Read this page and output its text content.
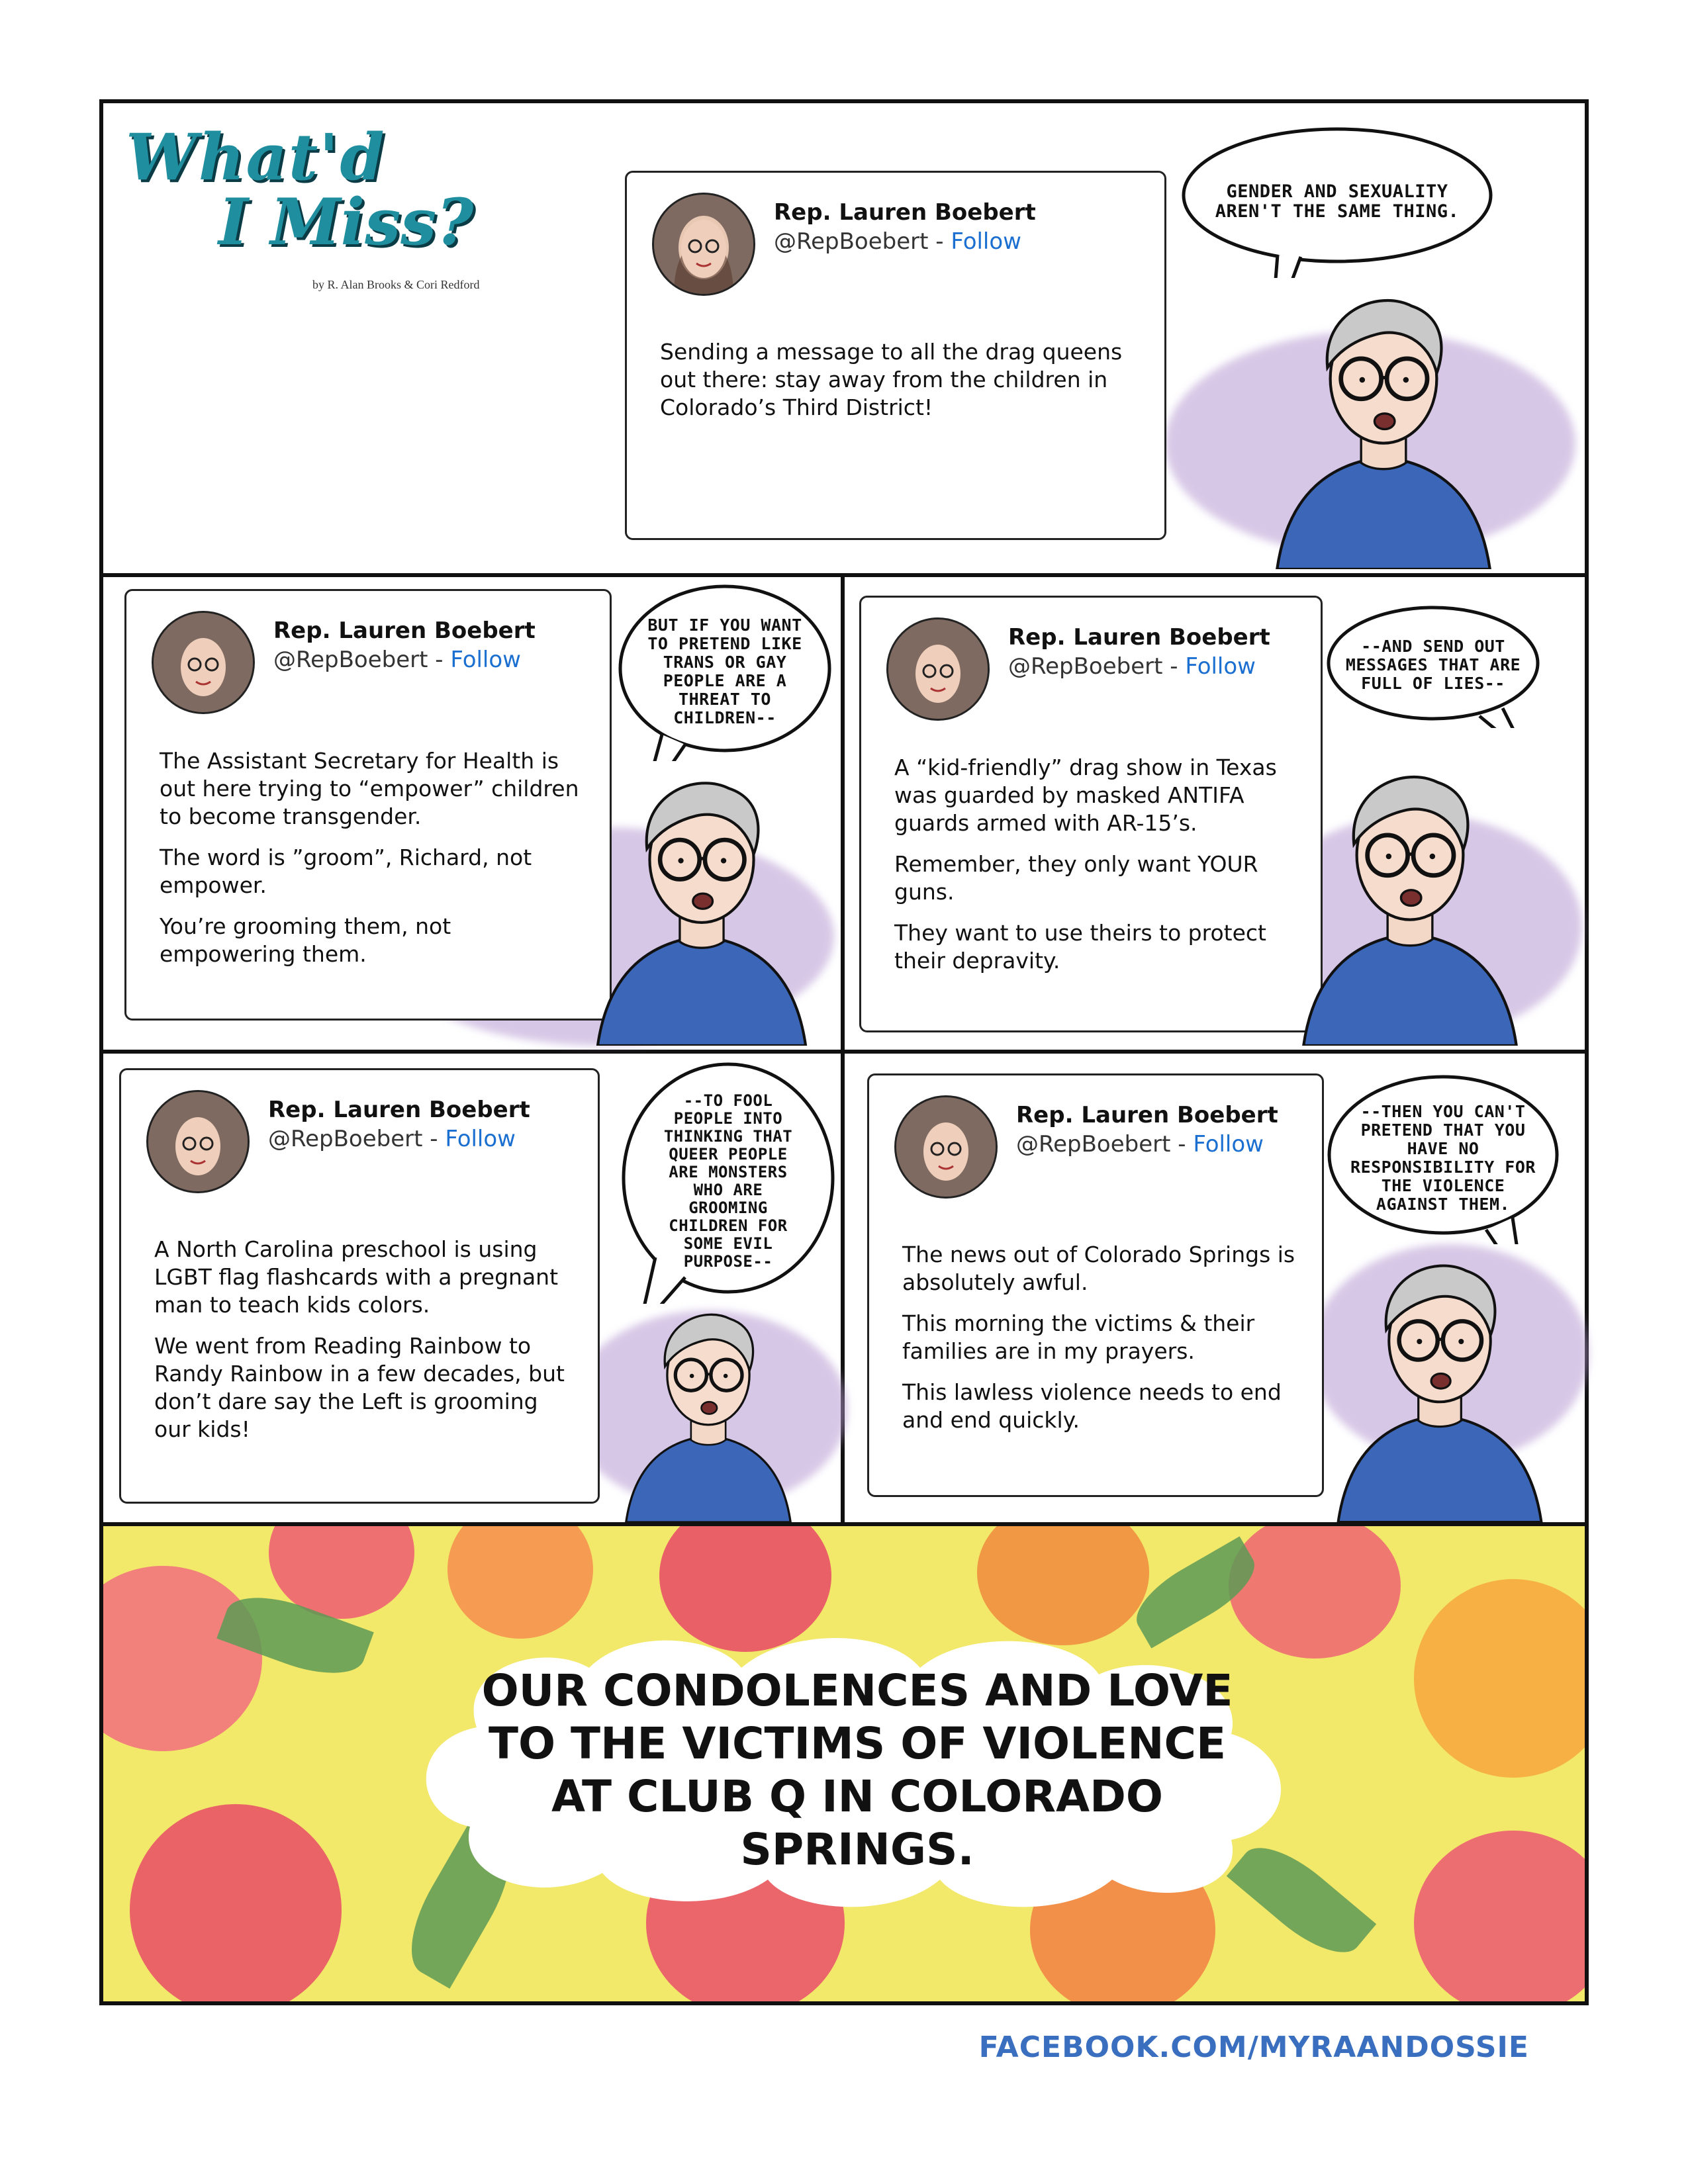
What'd
I Miss?
by R. Alan Brooks & Cori Redford
Rep. Lauren Boebert
@RepBoebert - Follow

Sending a message to all the drag queens out there: stay away from the children in Colorado’s Third District!

GENDER AND SEXUALITY AREN'T THE SAME THING.
Rep. Lauren Boebert
@RepBoebert - Follow

The Assistant Secretary for Health is out here trying to “empower” children to become transgender.

The word is ”groom”, Richard, not empower.

You’re grooming them, not empowering them.

BUT IF YOU WANT TO PRETEND LIKE TRANS OR GAY PEOPLE ARE A THREAT TO CHILDREN--
Rep. Lauren Boebert
@RepBoebert - Follow

A “kid-friendly” drag show in Texas was guarded by masked ANTIFA guards armed with AR-15’s.

Remember, they only want YOUR guns.

They want to use theirs to protect their depravity.

--AND SEND OUT MESSAGES THAT ARE FULL OF LIES--
Rep. Lauren Boebert
@RepBoebert - Follow

A North Carolina preschool is using LGBT flag flashcards with a pregnant man to teach kids colors.

We went from Reading Rainbow to Randy Rainbow in a few decades, but don’t dare say the Left is grooming our kids!

--TO FOOL PEOPLE INTO THINKING THAT QUEER PEOPLE ARE MONSTERS WHO ARE GROOMING CHILDREN FOR SOME EVIL PURPOSE--
Rep. Lauren Boebert
@RepBoebert - Follow

The news out of Colorado Springs is absolutely awful.

This morning the victims & their families are in my prayers.

This lawless violence needs to end and end quickly.

--THEN YOU CAN'T PRETEND THAT YOU HAVE NO RESPONSIBILITY FOR THE VIOLENCE AGAINST THEM.
OUR CONDOLENCES AND LOVE TO THE VICTIMS OF VIOLENCE AT CLUB Q IN COLORADO SPRINGS.
FACEBOOK.COM/MYRAANDOSSIE
